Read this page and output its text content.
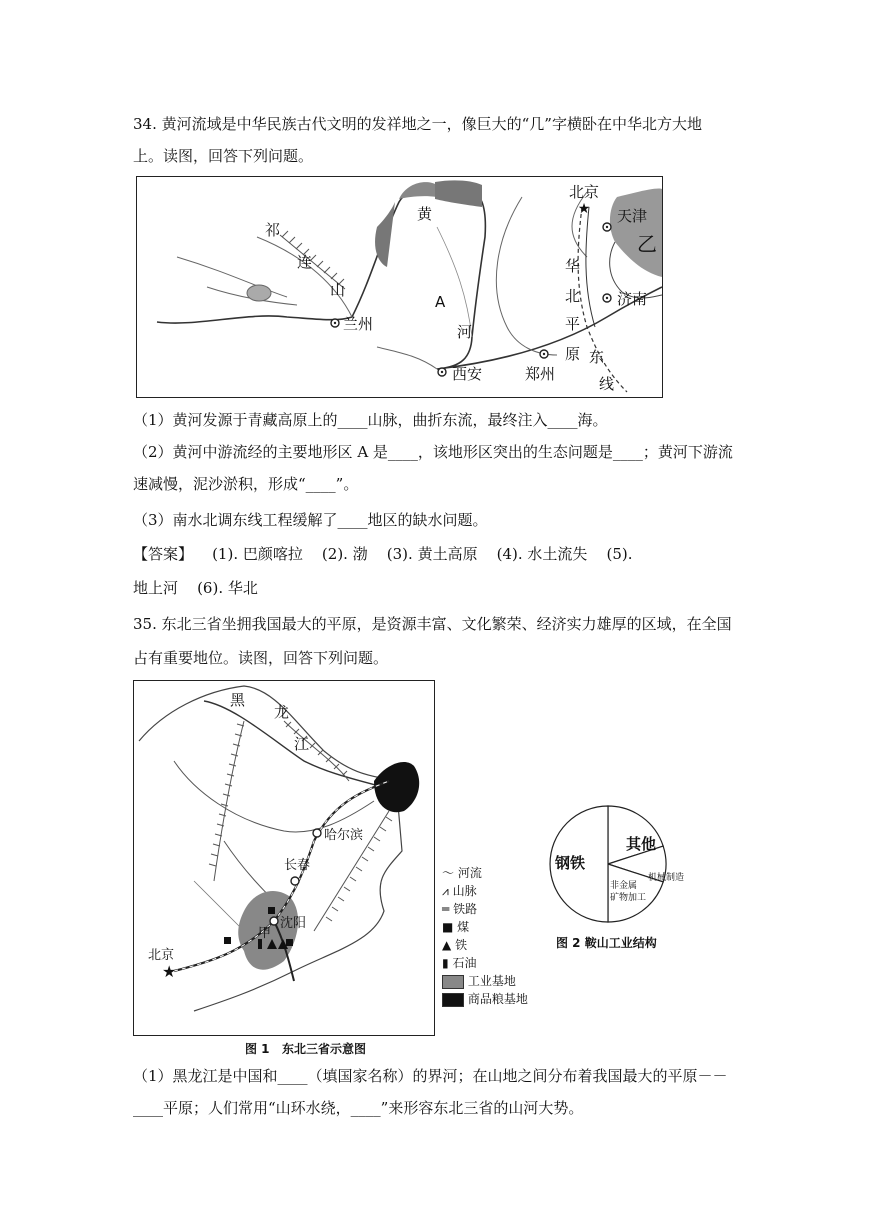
34. 黄河流域是中华民族古代文明的发祥地之一，像巨大的“几”字横卧在中华北方大地
上。读图，回答下列问题。
★
祁
连
山
黄
A
河
兰州
西安	郑州
北京
天津
乙
济南
华
北
平
原 东
线
（1）黄河发源于青藏高原上的____山脉，曲折东流，最终注入____海。
（2）黄河中游流经的主要地形区 A 是____，该地形区突出的生态问题是____；黄河下游流
速减慢，泥沙淤积，形成“____”。
（3）南水北调东线工程缓解了____地区的缺水问题。
【答案】    (1). 巴颜喀拉    (2). 渤    (3). 黄土高原    (4). 水土流失    (5).
地上河    (6). 华北
35. 东北三省坐拥我国最大的平原，是资源丰富、文化繁荣、经济实力雄厚的区域，在全国
占有重要地位。读图，回答下列问题。
★
黑
龙
江
哈尔滨
长春
沈阳
甲
北京
〜 河流
⩘ 山脉
═ 铁路
■ 煤
▲ 铁
▮ 石油
工业基地
商品粮基地
图 1   东北三省示意图
其他
机械制造
非金属
矿物加工
钢铁
图 2 鞍山工业结构
（1）黑龙江是中国和____（填国家名称）的界河；在山地之间分布着我国最大的平原－－
____平原；人们常用“山环水绕，____”来形容东北三省的山河大势。
